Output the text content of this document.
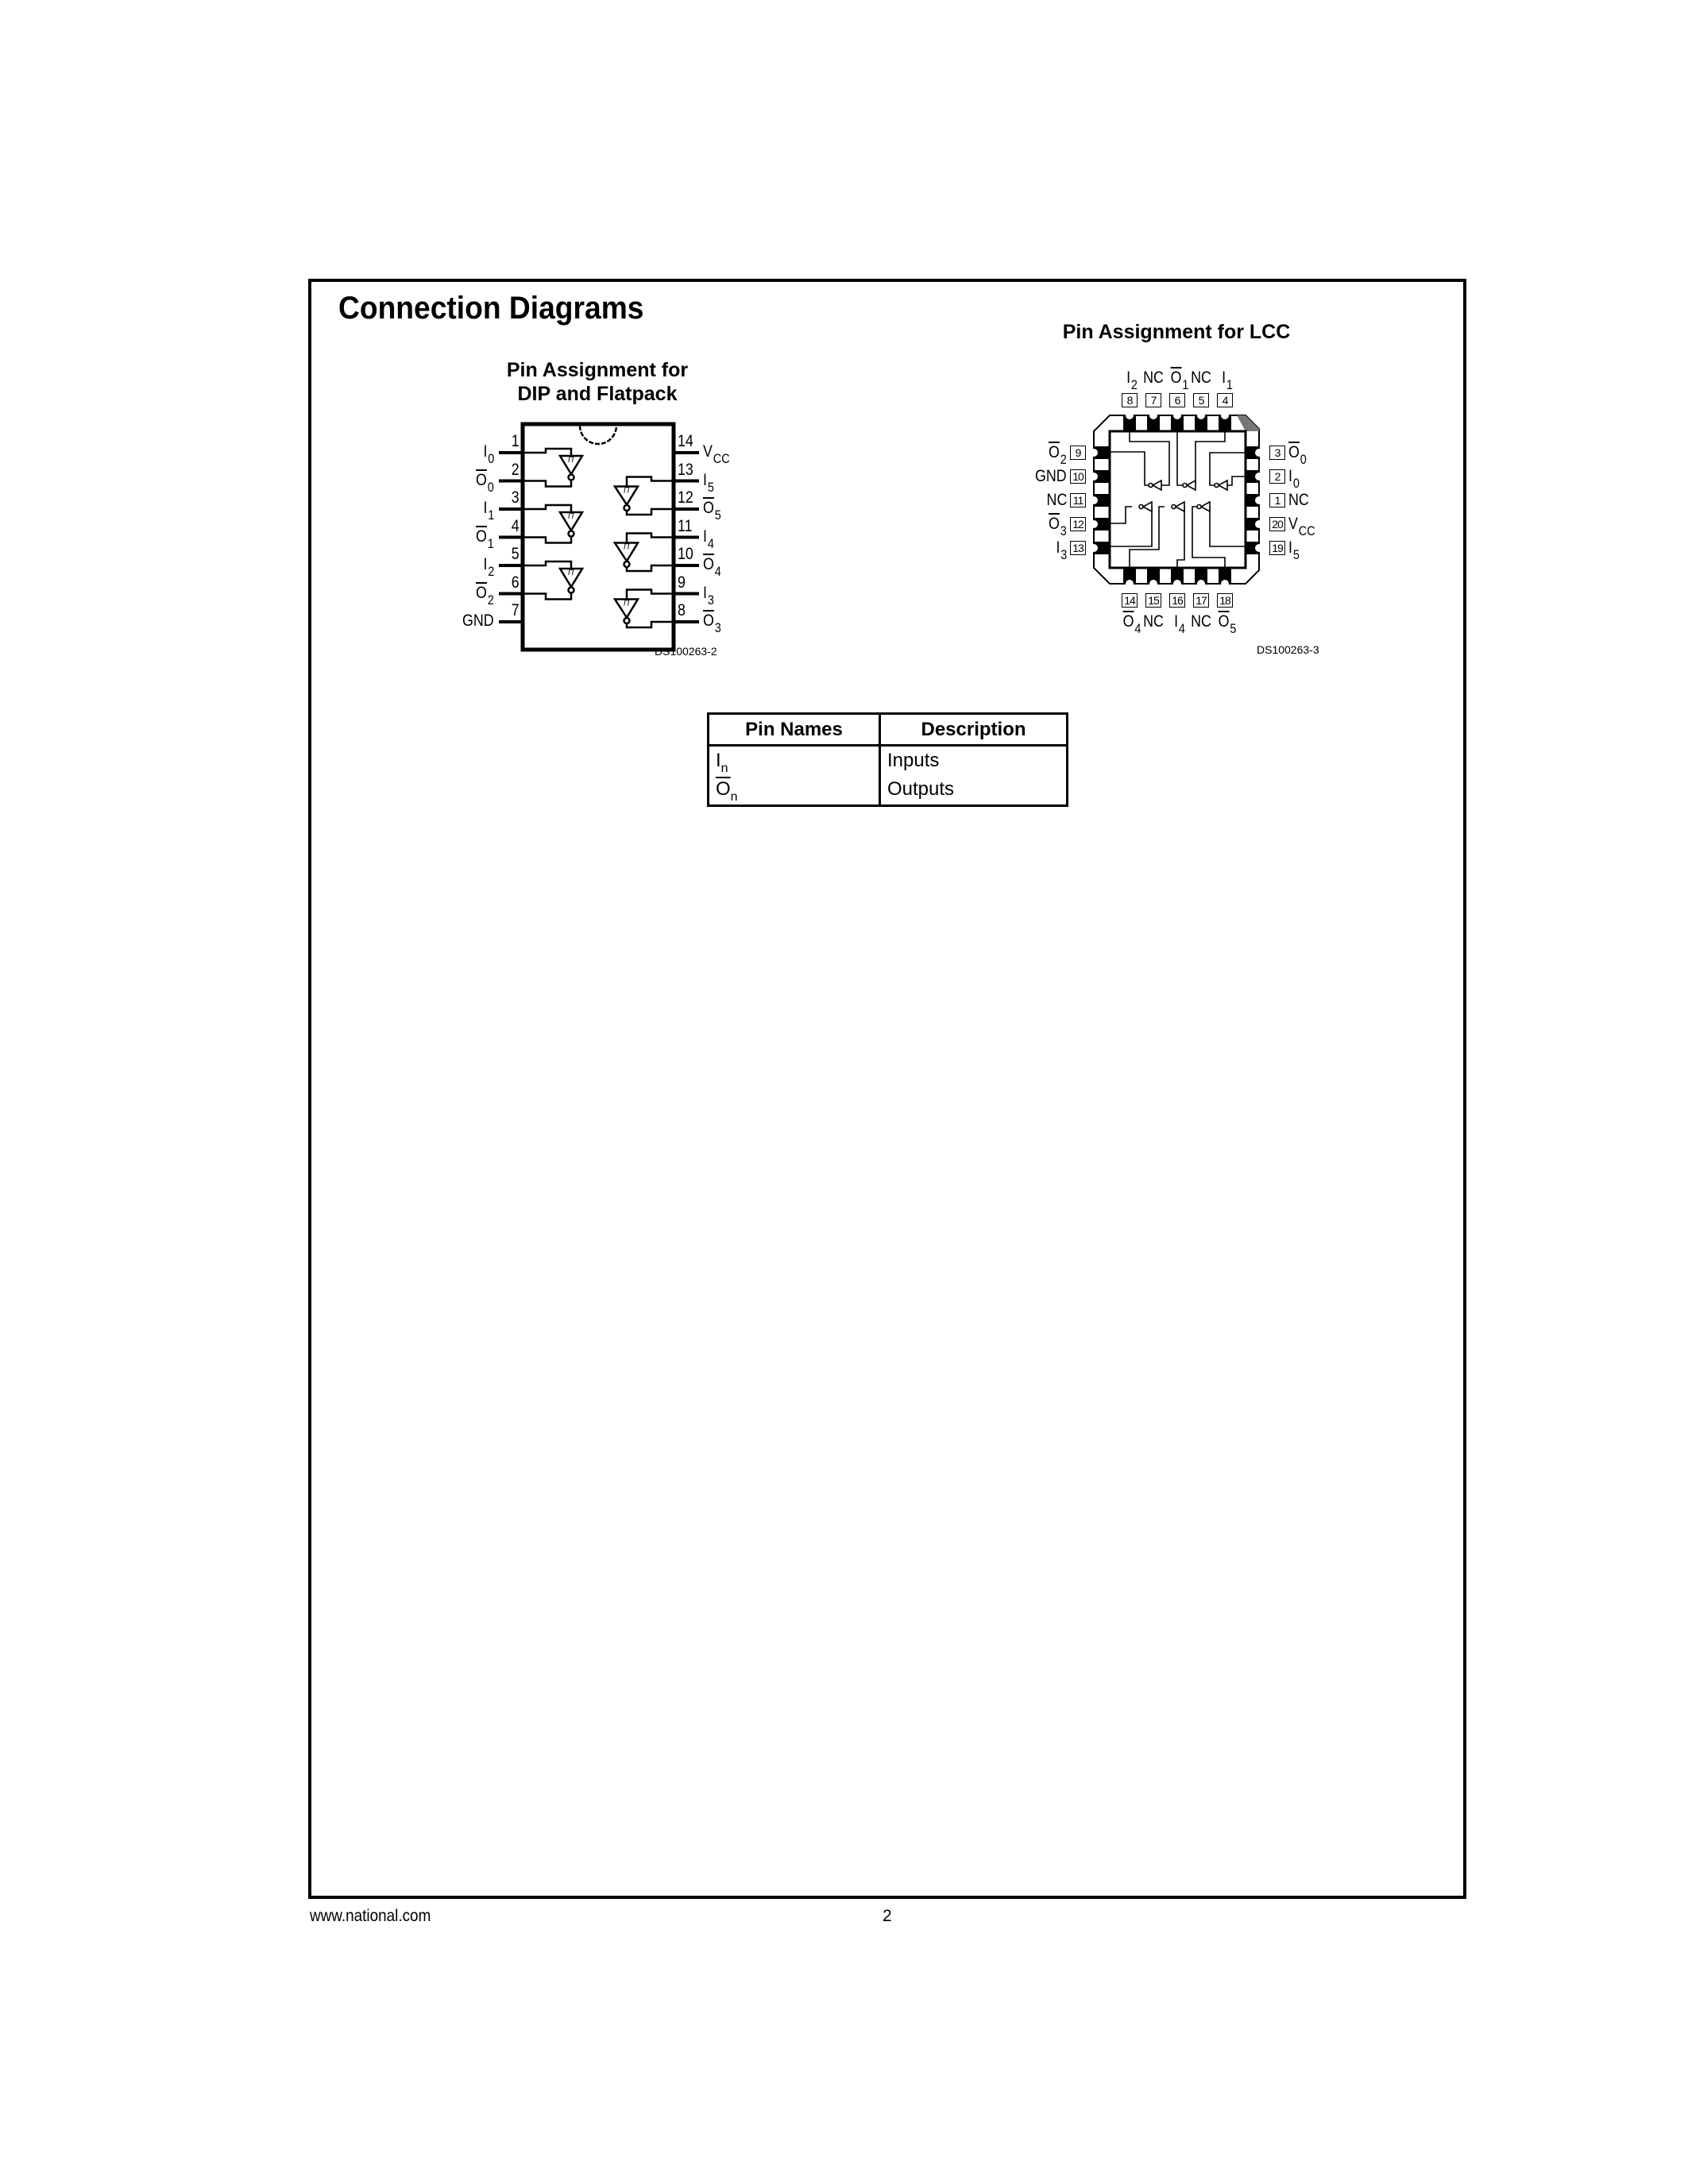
Connection Diagrams
Pin Assignment for
DIP and Flatpack
DS100263-2
Pin Assignment for LCC
DS100263-3
Π
Π
Π
Π
Π
Π
1	14
$I_0$	$V_{CC}$
2	13
$\overline{O}_0$	$I_5$
3	12
$I_1$	$\overline{O}_5$
4	11
$\overline{O}_1$	$I_4$
5	10
$I_2$	$\overline{O}_4$
6	9
$\overline{O}_2$	$I_3$
7	8
GND	$\overline{O}_3$
8
14
9	3
$I_2$
$\overline{O}_4$
$\overline{O}_2$	$\overline{O}_0$
7
15
10	2
NC
NC
GND	$I_0$
6
16
11	1
$\overline{O}_1$
$I_4$
NC	NC
5
17
12	20
NC
NC
$\overline{O}_3$	$V_{CC}$
4
18
13	19
$I_1$
$\overline{O}_5$
$I_3$	$I_5$
Pin Names	Description
$I_n$	Inputs
$\overline{O}_n$	Outputs
www.national.com	2
